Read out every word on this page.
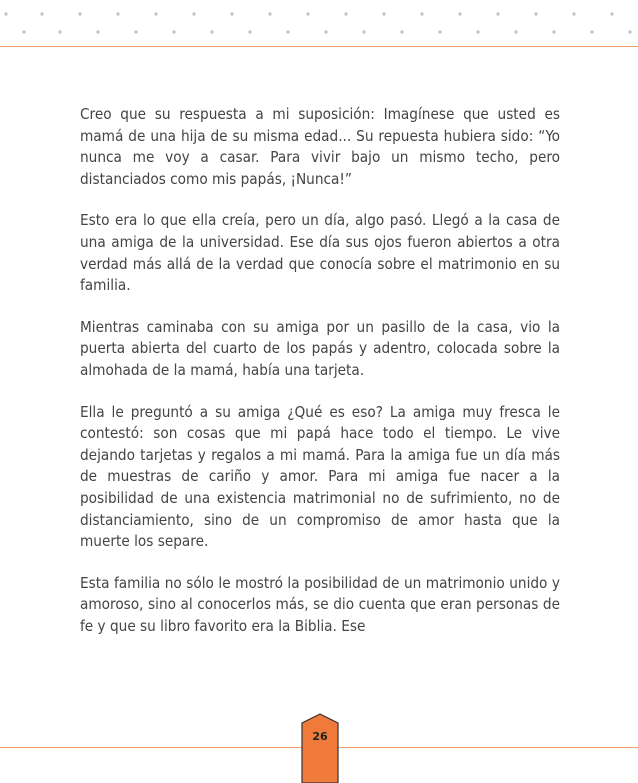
Creo que su respuesta a mi suposición: Imagínese que usted es mamá de una hija de su misma edad... Su repuesta hubiera sido: “Yo nunca me voy a casar. Para vivir bajo un mismo techo, pero distanciados como mis papás, ¡Nunca!”

Esto era lo que ella creía, pero un día, algo pasó. Llegó a la casa de una amiga de la universidad. Ese día sus ojos fueron abiertos a otra verdad más allá de la verdad que conocía sobre el matrimonio en su familia.

Mientras caminaba con su amiga por un pasillo de la casa, vio la puerta abierta del cuarto de los papás y adentro, colocada sobre la almohada de la mamá, había una tarjeta.

Ella le preguntó a su amiga ¿Qué es eso? La amiga muy fresca le contestó: son cosas que mi papá hace todo el tiempo. Le vive dejando tarjetas y regalos a mi mamá. Para la amiga fue un día más de muestras de cariño y amor. Para mi amiga fue nacer a la posibilidad de una existencia matrimonial no de sufrimiento, no de distanciamiento, sino de un compromiso de amor hasta que la muerte los separe.

Esta familia no sólo le mostró la posibilidad de un matrimonio unido y amoroso, sino al conocerlos más, se dio cuenta que eran personas de fe y que su libro favorito era la Biblia. Ese

26
